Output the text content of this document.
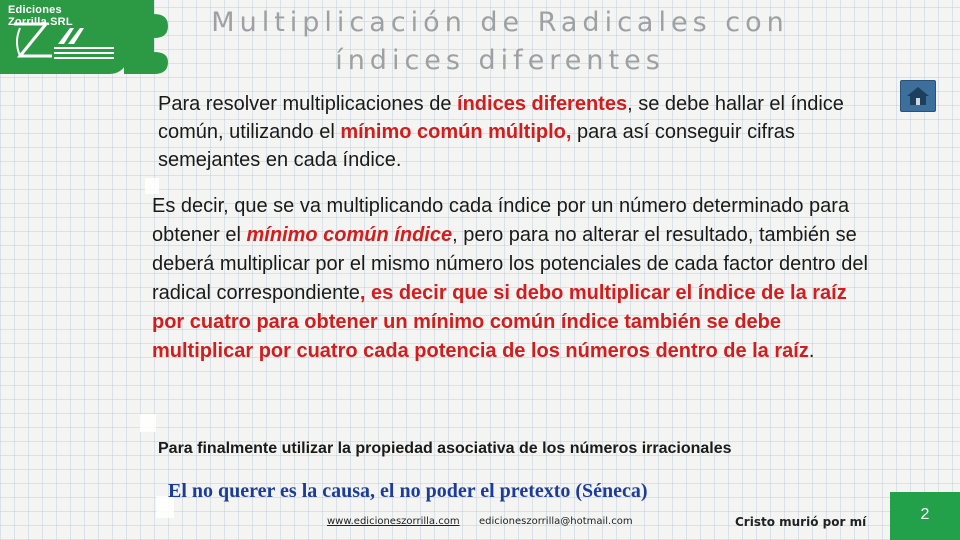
Ediciones Zorrilla.SRL	Multiplicación de Radicales con
índices diferentes
Para resolver multiplicaciones de índices diferentes, se debe hallar el índice común, utilizando el mínimo común múltiplo, para así conseguir cifras semejantes en cada índice.
Es decir, que se va multiplicando cada índice por un número determinado para obtener el mínimo común índice, pero para no alterar el resultado, también se deberá multiplicar por el mismo número los potenciales de cada factor dentro del radical correspondiente, es decir que si debo multiplicar el índice de la raíz por cuatro para obtener un mínimo común índice también se debe multiplicar por cuatro cada potencia de los números dentro de la raíz.
Para finalmente utilizar la propiedad asociativa de los números irracionales
El no querer es la causa, el no poder el pretexto (Séneca)
www.edicioneszorrilla.com edicioneszorrilla@hotmail.com	Cristo murió por mí	2
